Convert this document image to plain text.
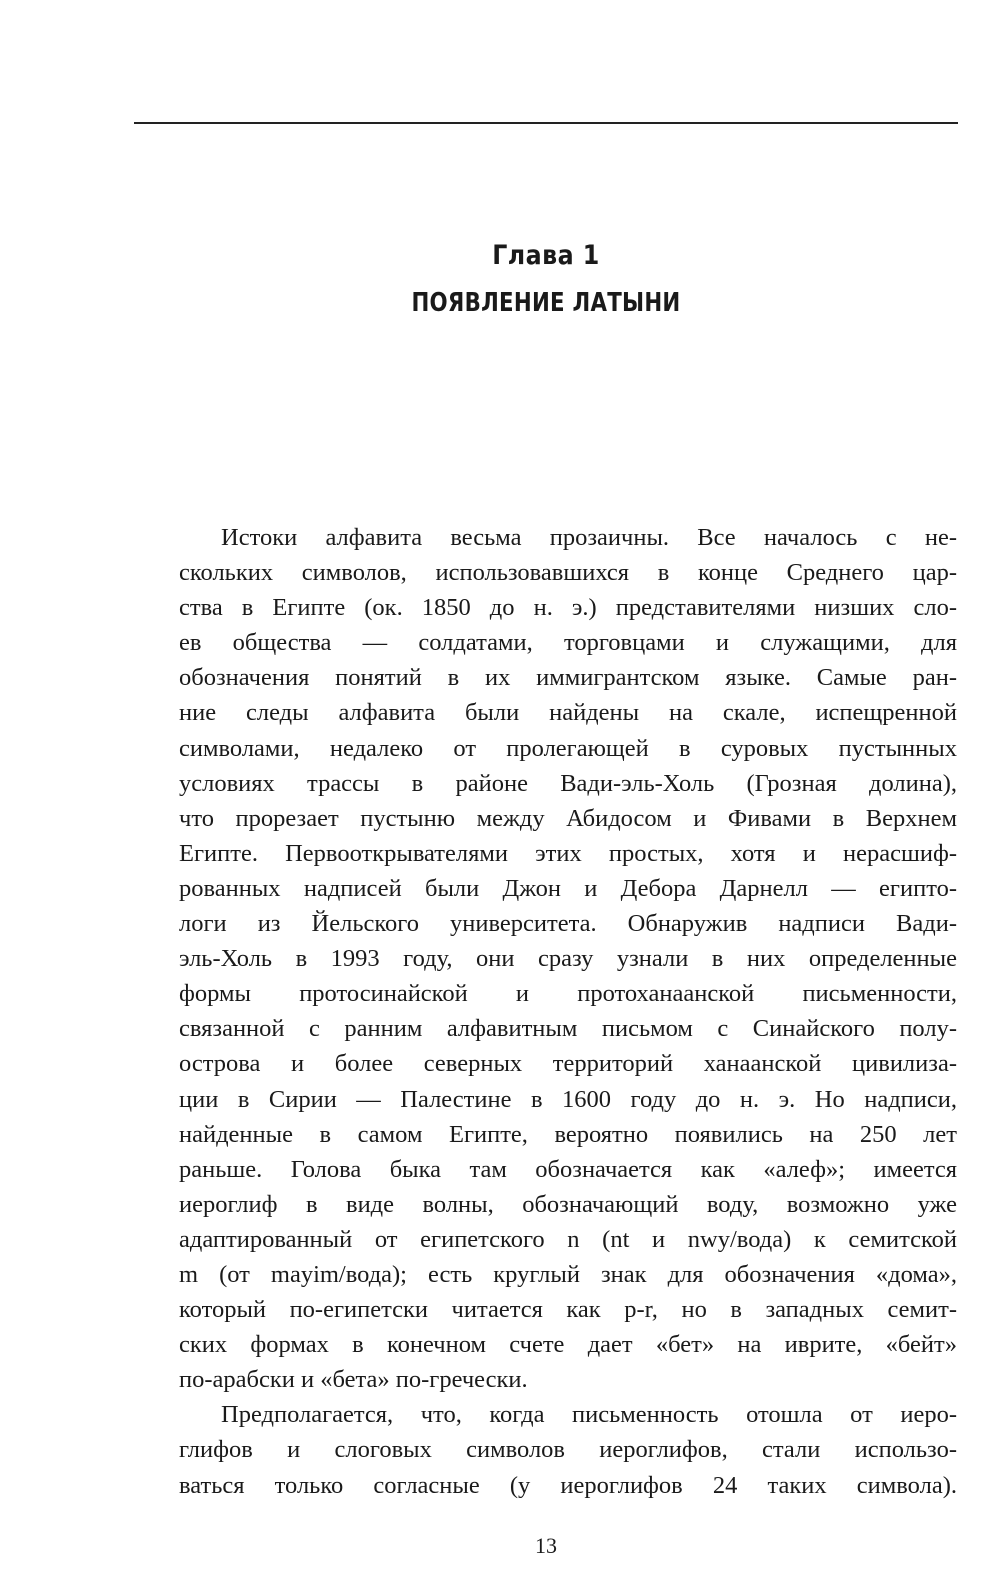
Глава 1
ПОЯВЛЕНИЕ ЛАТЫНИ
Истоки алфавита весьма прозаичны. Все началось с не-
скольких символов, использовавшихся в конце Среднего цар-
ства в Египте (ок. 1850 до н. э.) представителями низших сло-
ев общества — солдатами, торговцами и служащими, для
обозначения понятий в их иммигрантском языке. Самые ран-
ние следы алфавита были найдены на скале, испещренной
символами, недалеко от пролегающей в суровых пустынных
условиях трассы в районе Вади-эль-Холь (Грозная долина),
что прорезает пустыню между Абидосом и Фивами в Верхнем
Египте. Первооткрывателями этих простых, хотя и нерасшиф-
рованных надписей были Джон и Дебора Дарнелл — египто-
логи из Йельского университета. Обнаружив надписи Вади-
эль-Холь в 1993 году, они сразу узнали в них определенные
формы протосинайской и протоханаанской письменности,
связанной с ранним алфавитным письмом с Синайского полу-
острова и более северных территорий ханаанской цивилиза-
ции в Сирии — Палестине в 1600 году до н. э. Но надписи,
найденные в самом Египте, вероятно появились на 250 лет
раньше. Голова быка там обозначается как «алеф»; имеется
иероглиф в виде волны, обозначающий воду, возможно уже
адаптированный от египетского n (nt и nwy/вода) к семитской
m (от mayim/вода); есть круглый знак для обозначения «дома»,
который по-египетски читается как p-r, но в западных семит-
ских формах в конечном счете дает «бет» на иврите, «бейт»
по-арабски и «бета» по-гречески.
Предполагается, что, когда письменность отошла от иеро-
глифов и слоговых символов иероглифов, стали использо-
ваться только согласные (у иероглифов 24 таких символа).
13
